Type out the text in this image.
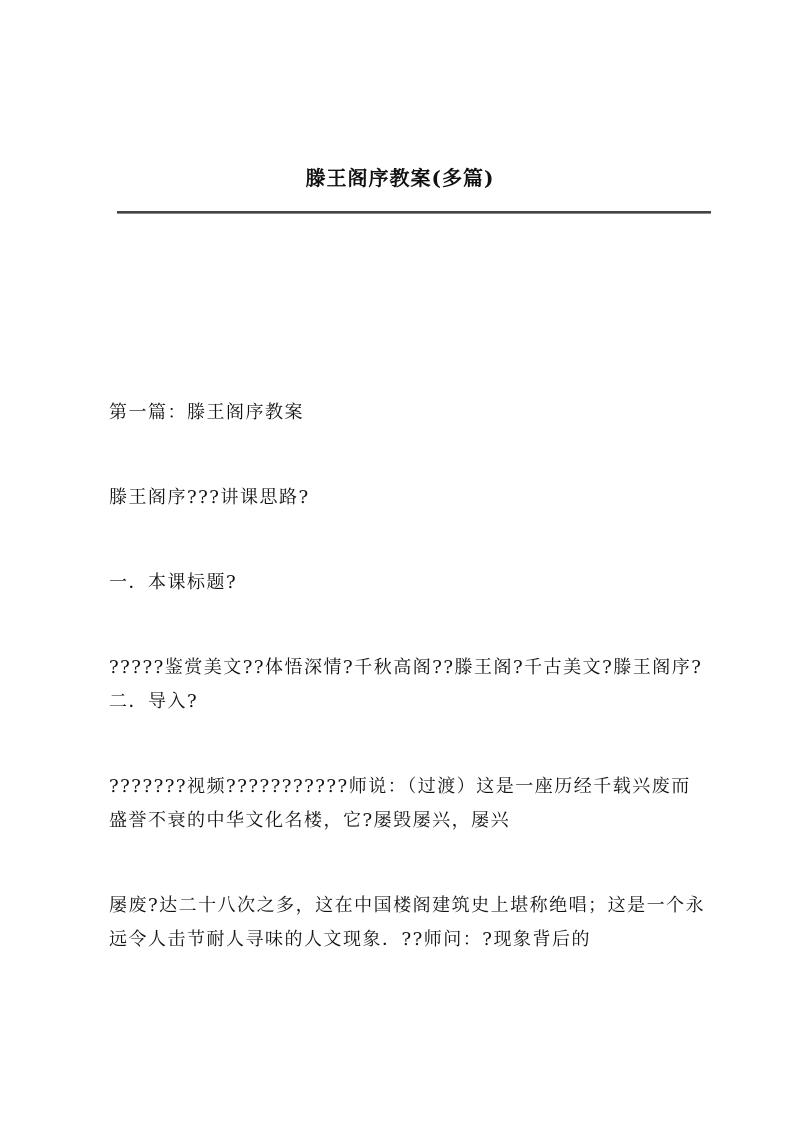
滕王阁序教案(多篇)

第一篇：滕王阁序教案

滕王阁序???讲课思路?

一．本课标题?

?????鉴赏美文??体悟深情?千秋高阁??滕王阁?千古美文?滕王阁序?二．导入?

???????视频???????????师说：（过渡）这是一座历经千载兴废而盛誉不衰的中华文化名楼，它?屡毁屡兴，屡兴

屡废?达二十八次之多，这在中国楼阁建筑史上堪称绝唱；这是一个永远令人击节耐人寻味的人文现象．??师问：?现象背后的
